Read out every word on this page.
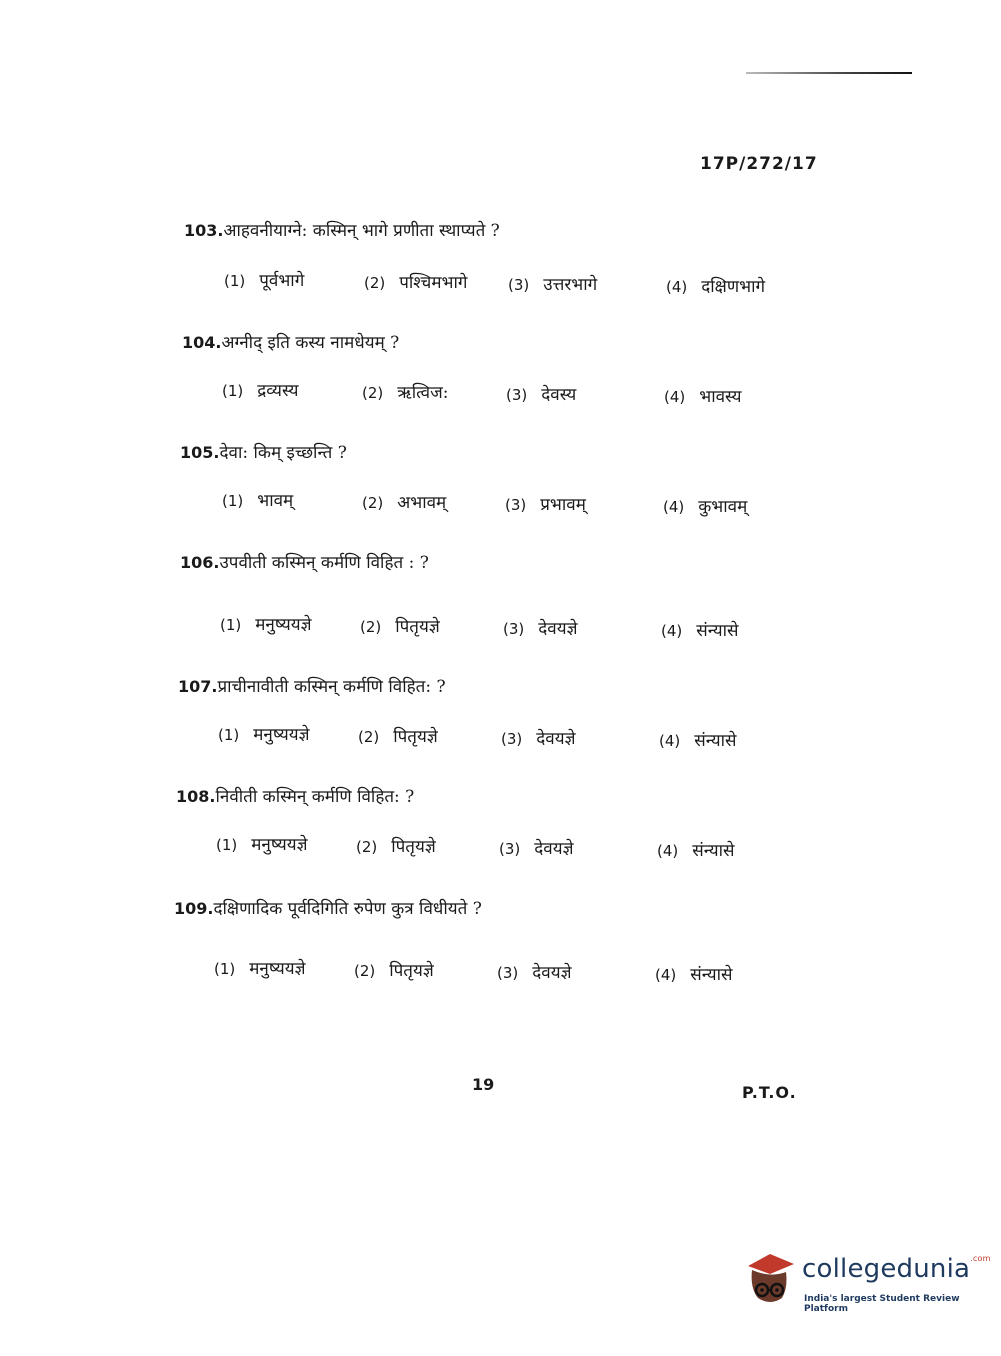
17P/272/17
103.आहवनीयाग्ने: कस्मिन् भागे प्रणीता स्थाप्यते ?
(1) पूर्वभागे	(2) पश्चिमभागे	(3) उत्तरभागे	(4) दक्षिणभागे
104.अग्नीद् इति कस्य नामधेयम् ?
(1) द्रव्यस्य	(2) ऋत्विज:	(3) देवस्य	(4) भावस्य
105.देवा: किम् इच्छन्ति ?
(1) भावम्	(2) अभावम्	(3) प्रभावम्	(4) कुभावम्
106.उपवीती कस्मिन् कर्मणि विहित : ?
(1) मनुष्ययज्ञे	(2) पितृयज्ञे	(3) देवयज्ञे	(4) संन्यासे
107.प्राचीनावीती कस्मिन् कर्मणि विहित: ?
(1) मनुष्ययज्ञे	(2) पितृयज्ञे	(3) देवयज्ञे	(4) संन्यासे
108.निवीती कस्मिन् कर्मणि विहित: ?
(1) मनुष्ययज्ञे	(2) पितृयज्ञे	(3) देवयज्ञे	(4) संन्यासे
109.दक्षिणादिक पूर्वदिगिति रुपेण कुत्र विधीयते ?
(1) मनुष्ययज्ञे	(2) पितृयज्ञे	(3) देवयज्ञे	(4) संन्यासे
19	P.T.O.
collegedunia$^{.com}$
India's largest Student Review Platform
